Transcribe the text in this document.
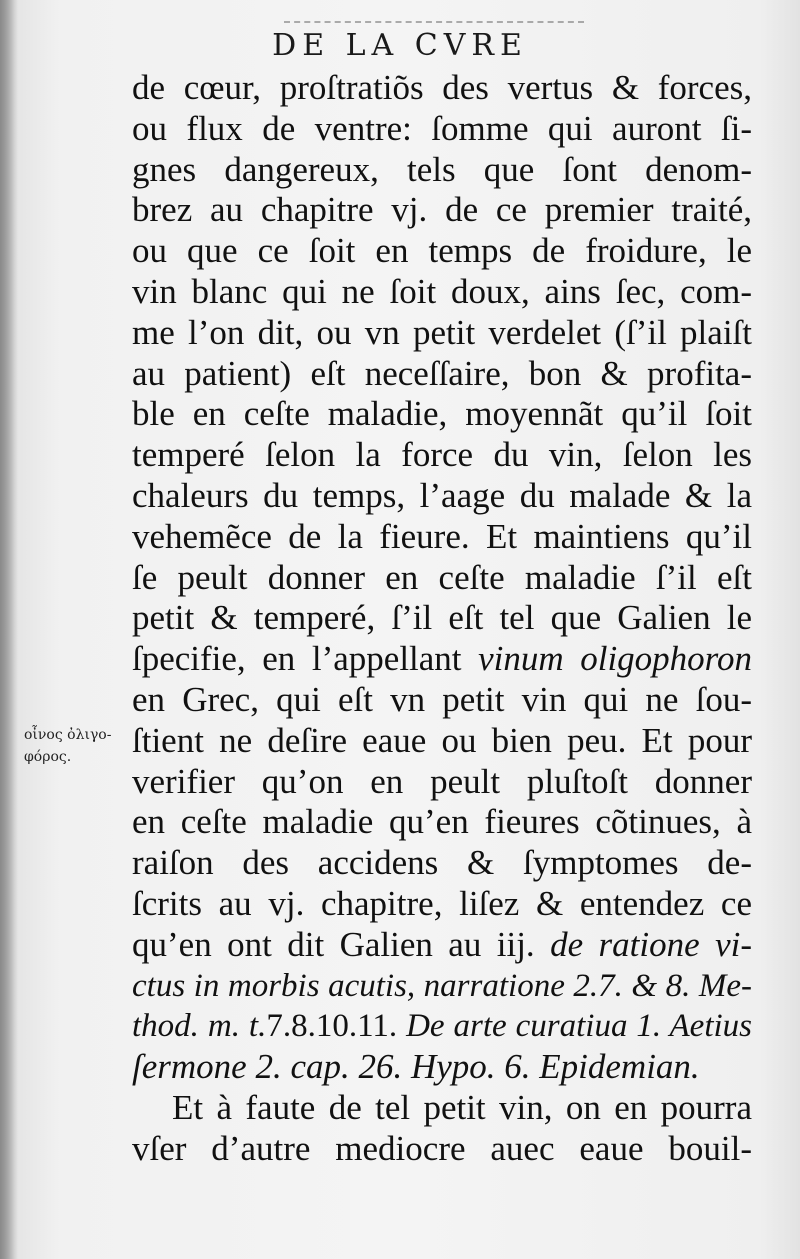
DE LA CVRE
οἶνος ὀλιγο-
φόρος.
de cœur, proſtratiõs des vertus & forces,
ou flux de ventre: ſomme qui auront ſi-
gnes dangereux, tels que ſont denom-
brez au chapitre vj. de ce premier traité,
ou que ce ſoit en temps de froidure, le
vin blanc qui ne ſoit doux, ains ſec, com-
me l’on dit, ou vn petit verdelet (ſ’il plaiſt
au patient) eſt neceſſaire, bon & profita-
ble en ceſte maladie, moyennãt qu’il ſoit
temperé ſelon la force du vin, ſelon les
chaleurs du temps, l’aage du malade & la
vehemẽce de la fieure. Et maintiens qu’il
ſe peult donner en ceſte maladie ſ’il eſt
petit & temperé, ſ’il eſt tel que Galien le
ſpecifie, en l’appellant vinum oligophoron
en Grec, qui eſt vn petit vin qui ne ſou-
ſtient ne deſire eaue ou bien peu. Et pour
verifier qu’on en peult pluſtoſt donner
en ceſte maladie qu’en fieures cõtinues, à
raiſon des accidens & ſymptomes de-
ſcrits au vj. chapitre, liſez & entendez ce
qu’en ont dit Galien au iij. de ratione vi-
ctus in morbis acutis, narratione 2.7. & 8. Me-
thod. m. t.7.8.10.11. De arte curatiua 1. Aetius
ſermone 2. cap. 26. Hypo. 6. Epidemian.
Et à faute de tel petit vin, on en pourra
vſer d’autre mediocre auec eaue bouil-
